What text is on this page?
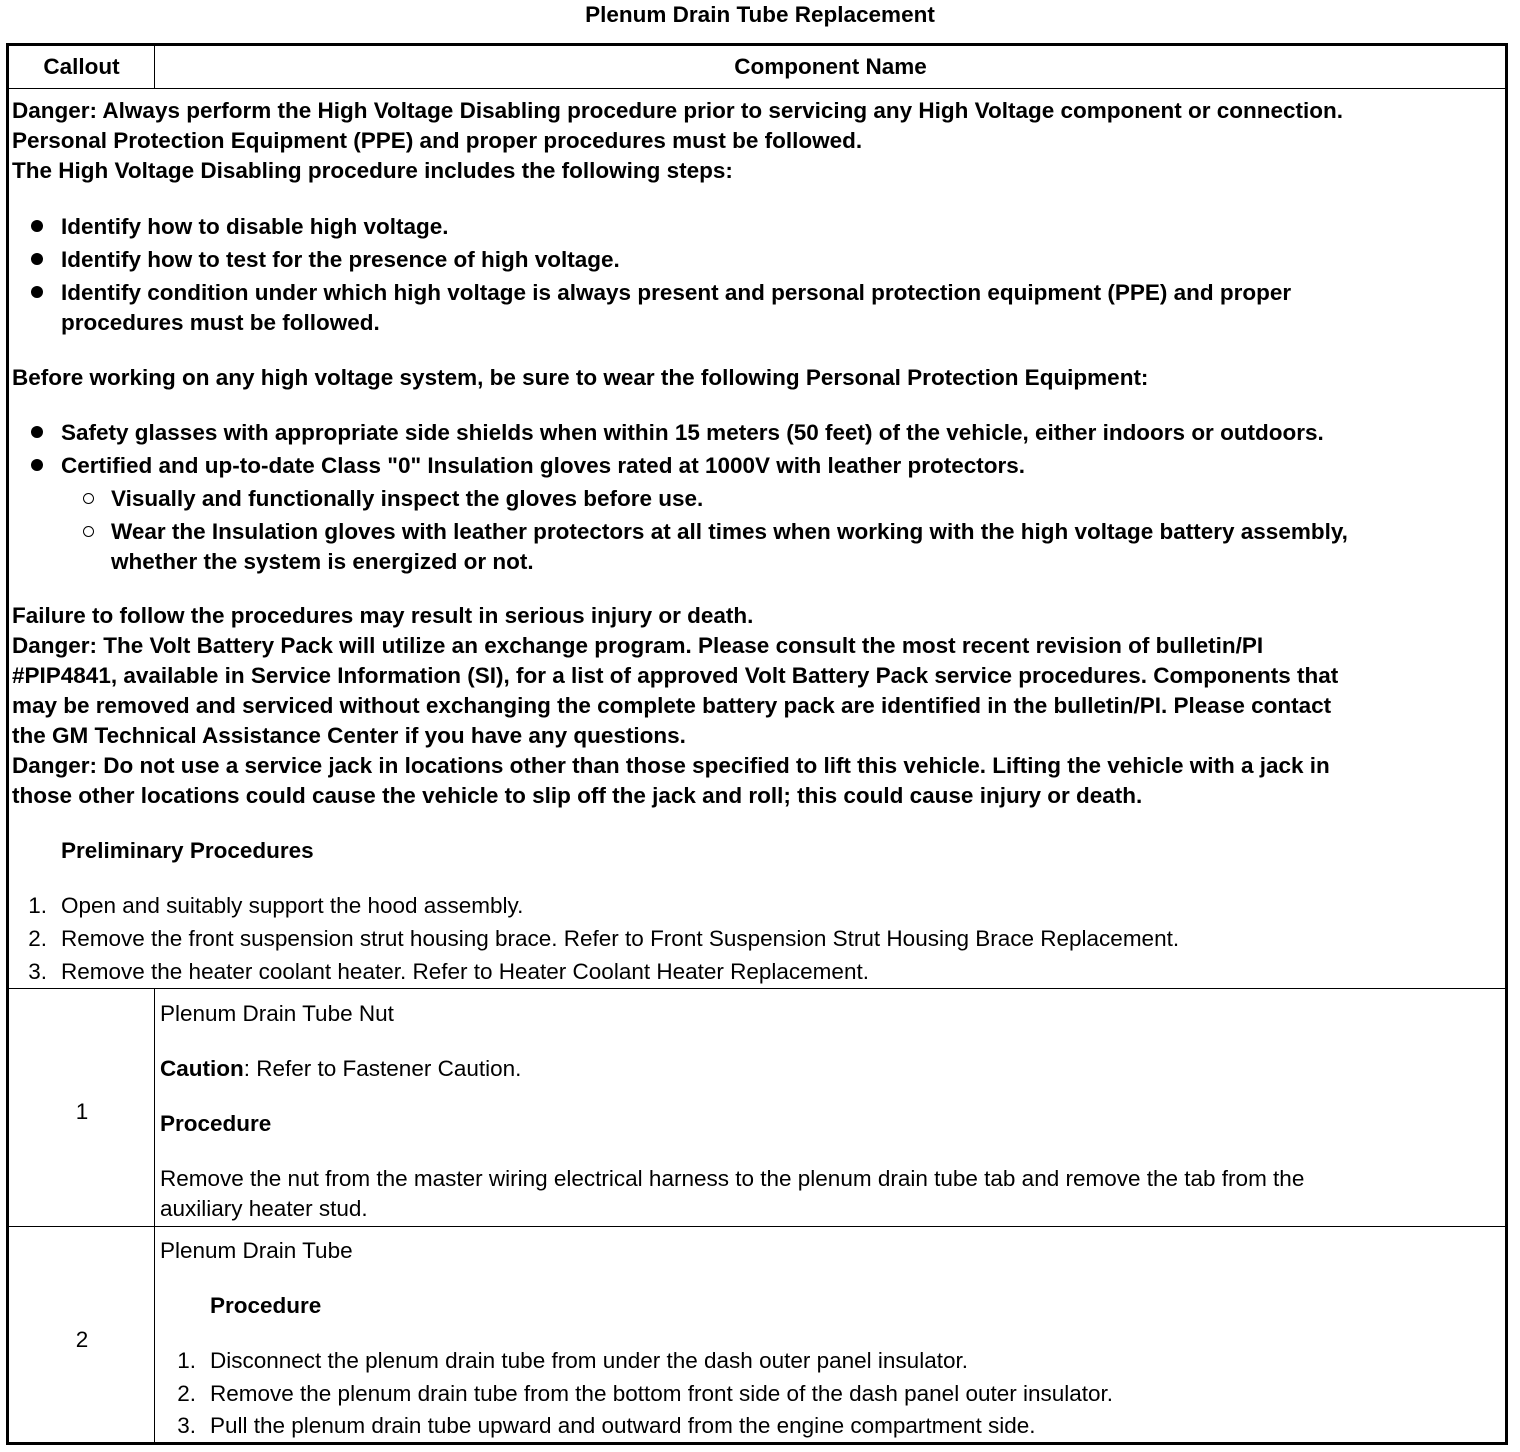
Plenum Drain Tube Replacement
Callout	Component Name
Danger: Always perform the High Voltage Disabling procedure prior to servicing any High Voltage component or connection.
Personal Protection Equipment (PPE) and proper procedures must be followed.
The High Voltage Disabling procedure includes the following steps:
Identify how to disable high voltage.
Identify how to test for the presence of high voltage.
Identify condition under which high voltage is always present and personal protection equipment (PPE) and proper
procedures must be followed.
Before working on any high voltage system, be sure to wear the following Personal Protection Equipment:
Safety glasses with appropriate side shields when within 15 meters (50 feet) of the vehicle, either indoors or outdoors.
Certified and up-to-date Class "0" Insulation gloves rated at 1000V with leather protectors.
Visually and functionally inspect the gloves before use.
Wear the Insulation gloves with leather protectors at all times when working with the high voltage battery assembly,
whether the system is energized or not.
Failure to follow the procedures may result in serious injury or death.
Danger: The Volt Battery Pack will utilize an exchange program. Please consult the most recent revision of bulletin/PI
#PIP4841, available in Service Information (SI), for a list of approved Volt Battery Pack service procedures. Components that
may be removed and serviced without exchanging the complete battery pack are identified in the bulletin/PI. Please contact
the GM Technical Assistance Center if you have any questions.
Danger: Do not use a service jack in locations other than those specified to lift this vehicle. Lifting the vehicle with a jack in
those other locations could cause the vehicle to slip off the jack and roll; this could cause injury or death.
Preliminary Procedures
1. Open and suitably support the hood assembly.
2. Remove the front suspension strut housing brace. Refer to Front Suspension Strut Housing Brace Replacement.
3. Remove the heater coolant heater. Refer to Heater Coolant Heater Replacement.
1
Plenum Drain Tube Nut
Caution: Refer to Fastener Caution.
Procedure
Remove the nut from the master wiring electrical harness to the plenum drain tube tab and remove the tab from the
auxiliary heater stud.
2
Plenum Drain Tube
Procedure
1. Disconnect the plenum drain tube from under the dash outer panel insulator.
2. Remove the plenum drain tube from the bottom front side of the dash panel outer insulator.
3. Pull the plenum drain tube upward and outward from the engine compartment side.
